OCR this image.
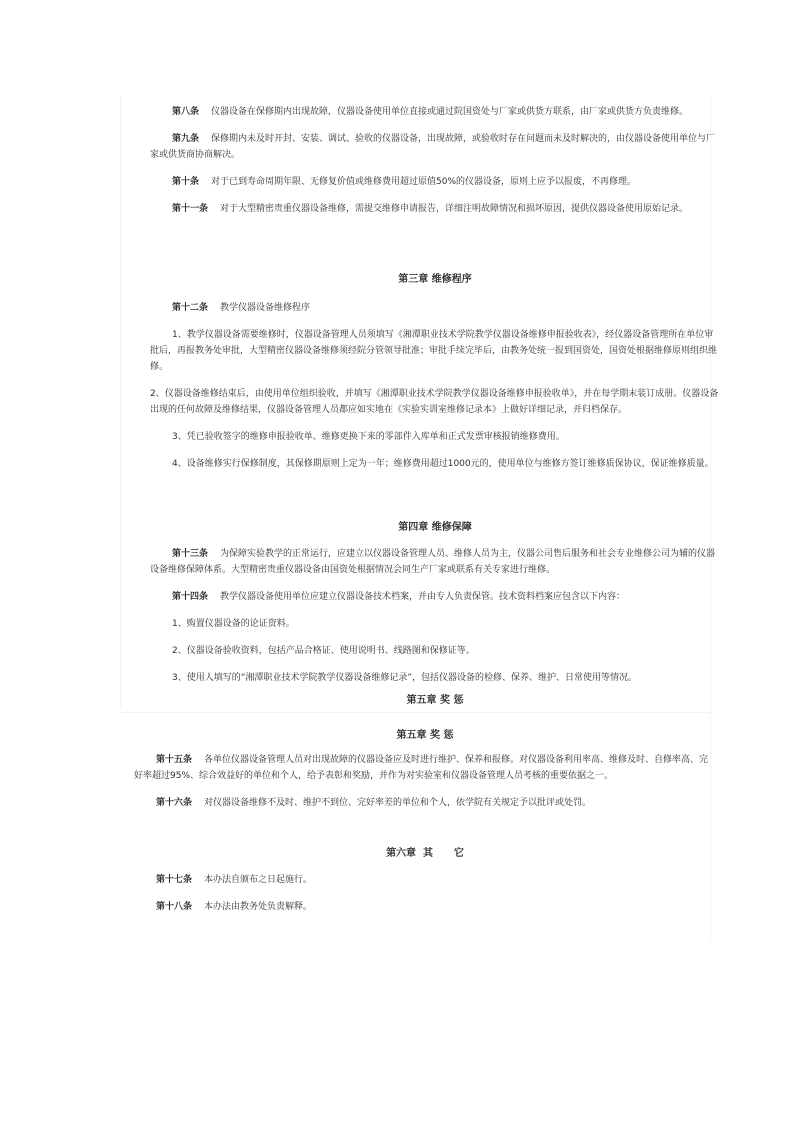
第八条 仪器设备在保修期内出现故障，仪器设备使用单位直接或通过院国资处与厂家或供货方联系，由厂家或供货方负责维修。

第九条 保修期内未及时开封、安装、调试、验收的仪器设备，出现故障，或验收时存在问题而未及时解决的，由仪器设备使用单位与厂家或供货商协商解决。

第十条 对于已到寿命周期年限、无修复价值或维修费用超过原值50%的仪器设备，原则上应予以报废，不再修理。

第十一条 对于大型精密贵重仪器设备维修，需提交维修申请报告，详细注明故障情况和损坏原因，提供仪器设备使用原始记录。

第三章 维修程序

第十二条 教学仪器设备维修程序

1、教学仪器设备需要维修时，仪器设备管理人员须填写《湘潭职业技术学院教学仪器设备维修申报验收表》，经仪器设备管理所在单位审批后，再报教务处审批，大型精密仪器设备维修须经院分管领导批准；审批手续完毕后，由教务处统一报到国资处，国资处根据维修原则组织维修。

2、仪器设备维修结束后，由使用单位组织验收，并填写《湘潭职业技术学院教学仪器设备维修申报验收单》，并在每学期末装订成册。仪器设备出现的任何故障及维修结果，仪器设备管理人员都应如实地在《实验实训室维修记录本》上做好详细记录，并归档保存。

3、凭已验收签字的维修申报验收单、维修更换下来的零部件入库单和正式发票审核报销维修费用。

4、设备维修实行保修制度，其保修期原则上定为一年；维修费用超过1000元的，使用单位与维修方签订维修质保协议，保证维修质量。

第四章 维修保障

第十三条 为保障实验教学的正常运行，应建立以仪器设备管理人员、维修人员为主，仪器公司售后服务和社会专业维修公司为辅的仪器设备维修保障体系。大型精密贵重仪器设备由国资处根据情况会同生产厂家或联系有关专家进行维修。

第十四条 教学仪器设备使用单位应建立仪器设备技术档案，并由专人负责保管。技术资料档案应包含以下内容：

1、购置仪器设备的论证资料。

2、仪器设备验收资料，包括产品合格证、使用说明书、线路图和保修证等。

3、使用人填写的“湘潭职业技术学院教学仪器设备维修记录”，包括仪器设备的检修、保养、维护、日常使用等情况。

第五章 奖 惩

第五章 奖 惩

第十五条 各单位仪器设备管理人员对出现故障的仪器设备应及时进行维护、保养和报修。对仪器设备利用率高、维修及时、自修率高、完好率超过95%、综合效益好的单位和个人，给予表彰和奖励，并作为对实验室和仪器设备管理人员考核的重要依据之一。

第十六条 对仪器设备维修不及时、维护不到位、完好率差的单位和个人，依学院有关规定予以批评或处罚。

第六章  其      它

第十七条 本办法自颁布之日起施行。

第十八条 本办法由教务处负责解释。
